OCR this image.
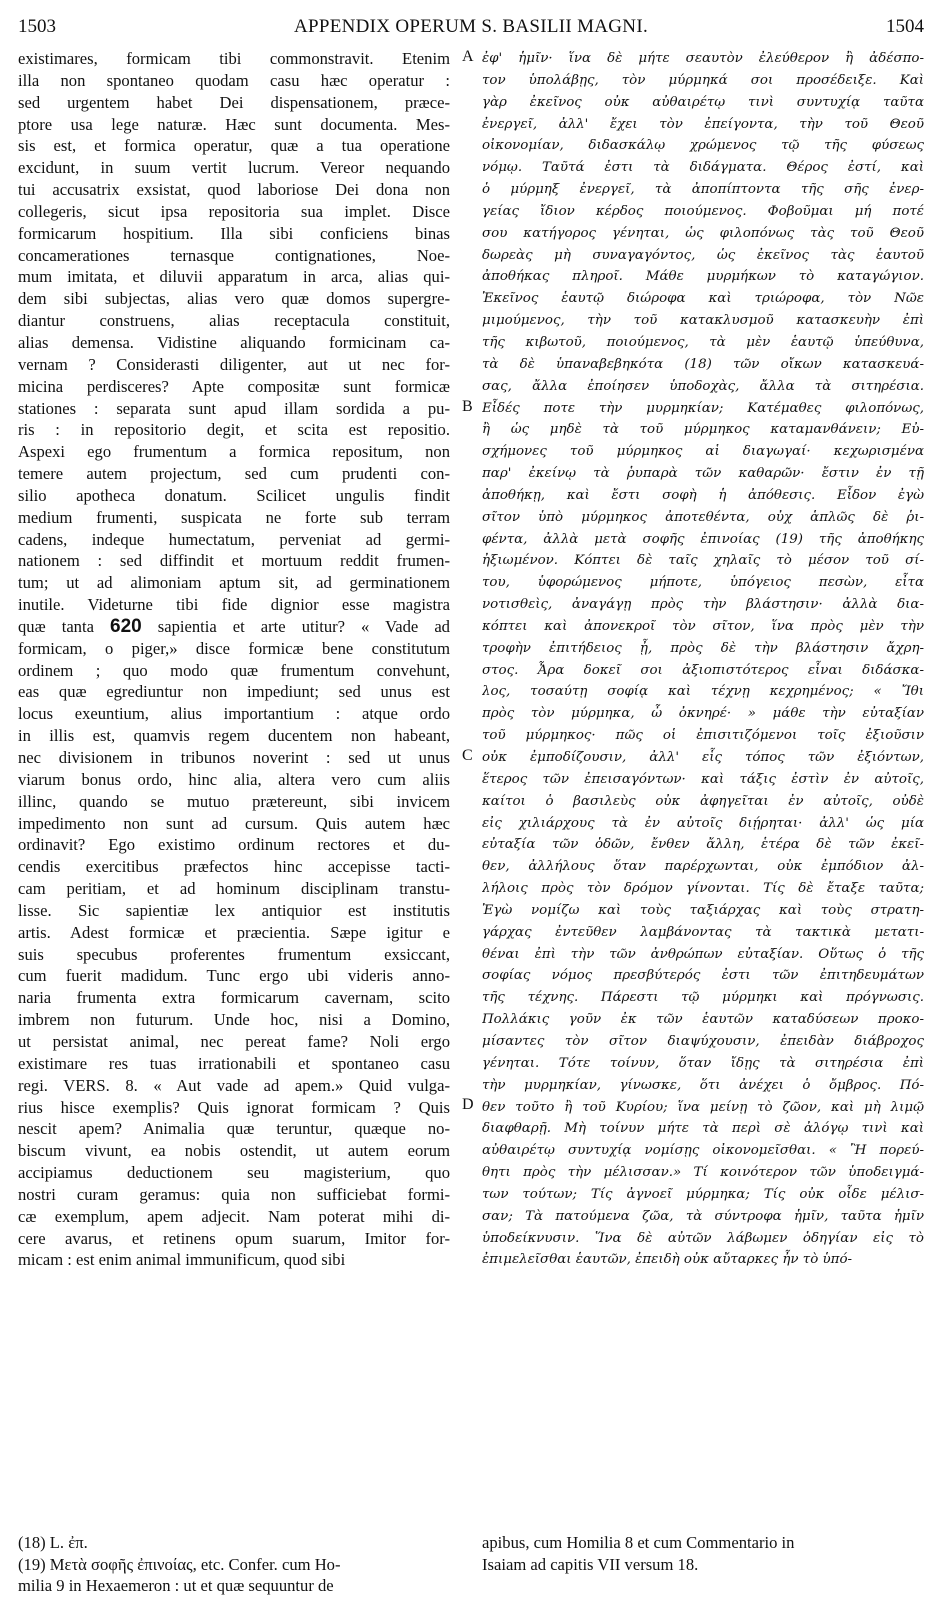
1503	APPENDIX OPERUM S. BASILII MAGNI.	1504
A
B
C
D
existimares, formicam tibi commonstravit. Etenim
illa non spontaneo quodam casu hæc operatur :
sed urgentem habet Dei dispensationem, præce-
ptore usa lege naturæ. Hæc sunt documenta. Mes-
sis est, et formica operatur, quæ a tua operatione
excidunt, in suum vertit lucrum. Vereor nequando
tui accusatrix exsistat, quod laboriose Dei dona non
collegeris, sicut ipsa repositoria sua implet. Disce
formicarum hospitium. Illa sibi conficiens binas
concamerationes ternasque contignationes, Noe-
mum imitata, et diluvii apparatum in arca, alias qui-
dem sibi subjectas, alias vero quæ domos supergre-
diantur construens, alias receptacula constituit,
alias demensa. Vidistine aliquando formicinam ca-
vernam ? Considerasti diligenter, aut ut nec for-
micina perdisceres? Apte compositæ sunt formicæ
stationes : separata sunt apud illam sordida a pu-
ris : in repositorio degit, et scita est repositio.
Aspexi ego frumentum a formica repositum, non
temere autem projectum, sed cum prudenti con-
silio apotheca donatum. Scilicet ungulis findit
medium frumenti, suspicata ne forte sub terram
cadens, indeque humectatum, perveniat ad germi-
nationem : sed diffindit et mortuum reddit frumen-
tum; ut ad alimoniam aptum sit, ad germinationem
inutile. Videturne tibi fide dignior esse magistra
quæ tanta 620 sapientia et arte utitur? « Vade ad
formicam, o piger,» disce formicæ bene constitutum
ordinem ; quo modo quæ frumentum convehunt,
eas quæ egrediuntur non impediunt; sed unus est
locus exeuntium, alius importantium : atque ordo
in illis est, quamvis regem ducentem non habeant,
nec divisionem in tribunos noverint : sed ut unus
viarum bonus ordo, hinc alia, altera vero cum aliis
illinc, quando se mutuo prætereunt, sibi invicem
impedimento non sunt ad cursum. Quis autem hæc
ordinavit? Ego existimo ordinum rectores et du-
cendis exercitibus præfectos hinc accepisse tacti-
cam peritiam, et ad hominum disciplinam transtu-
lisse. Sic sapientiæ lex antiquior est institutis
artis. Adest formicæ et præcientia. Sæpe igitur e
suis specubus proferentes frumentum exsiccant,
cum fuerit madidum. Tunc ergo ubi videris anno-
naria frumenta extra formicarum cavernam, scito
imbrem non futurum. Unde hoc, nisi a Domino,
ut persistat animal, nec pereat fame? Noli ergo
existimare res tuas irrationabili et spontaneo casu
regi. VERS. 8. « Aut vade ad apem.» Quid vulga-
rius hisce exemplis? Quis ignorat formicam ? Quis
nescit apem? Animalia quæ teruntur, quæque no-
biscum vivunt, ea nobis ostendit, ut autem eorum
accipiamus deductionem seu magisterium, quo
nostri curam geramus: quia non sufficiebat formi-
cæ exemplum, apem adjecit. Nam poterat mihi di-
cere avarus, et retinens opum suarum, Imitor for-
micam : est enim animal immunificum, quod sibi
ἐφ' ἡμῖν· ἵνα δὲ μήτε σεαυτὸν ἐλεύθερον ἢ ἀδέσπο-
τον ὑπολάβῃς, τὸν μύρμηκά σοι προσέδειξε. Καὶ
γὰρ ἐκεῖνος οὐκ αὐθαιρέτῳ τινὶ συντυχίᾳ ταῦτα
ἐνεργεῖ, ἀλλ' ἔχει τὸν ἐπείγοντα, τὴν τοῦ Θεοῦ
οἰκονομίαν, διδασκάλῳ χρώμενος τῷ τῆς φύσεως
νόμῳ. Ταῦτά ἐστι τὰ διδάγματα. Θέρος ἐστί, καὶ
ὁ μύρμηξ ἐνεργεῖ, τὰ ἀποπίπτοντα τῆς σῆς ἐνερ-
γείας ἴδιον κέρδος ποιούμενος. Φοβοῦμαι μή ποτέ
σου κατήγορος γένηται, ὡς φιλοπόνως τὰς τοῦ Θεοῦ
δωρεὰς μὴ συναγαγόντος, ὡς ἐκεῖνος τὰς ἑαυτοῦ
ἀποθήκας πληροῖ. Μάθε μυρμήκων τὸ καταγώγιον.
Ἐκεῖνος ἑαυτῷ διώροφα καὶ τριώροφα, τὸν Νῶε
μιμούμενος, τὴν τοῦ κατακλυσμοῦ κατασκευὴν ἐπὶ
τῆς κιβωτοῦ, ποιούμενος, τὰ μὲν ἑαυτῷ ὑπεύθυνα,
τὰ δὲ ὑπαναβεβηκότα (18) τῶν οἴκων κατασκευά-
σας, ἄλλα ἐποίησεν ὑποδοχὰς, ἄλλα τὰ σιτηρέσια.
Εἶδές ποτε τὴν μυρμηκίαν; Κατέμαθες φιλοπόνως,
ἢ ὡς μηδὲ τὰ τοῦ μύρμηκος καταμανθάνειν; Εὐ-
σχήμονες τοῦ μύρμηκος αἱ διαγωγαί· κεχωρισμένα
παρ' ἐκείνῳ τὰ ῥυπαρὰ τῶν καθαρῶν· ἔστιν ἐν τῇ
ἀποθήκῃ, καὶ ἔστι σοφὴ ἡ ἀπόθεσις. Εἶδον ἐγὼ
σῖτον ὑπὸ μύρμηκος ἀποτεθέντα, οὐχ ἁπλῶς δὲ ῥι-
φέντα, ἀλλὰ μετὰ σοφῆς ἐπινοίας (19) τῆς ἀποθήκης
ἠξιωμένον. Κόπτει δὲ ταῖς χηλαῖς τὸ μέσον τοῦ σί-
του, ὑφορώμενος μήποτε, ὑπόγειος πεσὼν, εἶτα
νοτισθεὶς, ἀναγάγῃ πρὸς τὴν βλάστησιν· ἀλλὰ δια-
κόπτει καὶ ἀπονεκροῖ τὸν σῖτον, ἵνα πρὸς μὲν τὴν
τροφὴν ἐπιτήδειος ᾖ, πρὸς δὲ τὴν βλάστησιν ἄχρη-
στος. Ἆρα δοκεῖ σοι ἀξιοπιστότερος εἶναι διδάσκα-
λος, τοσαύτῃ σοφίᾳ καὶ τέχνῃ κεχρημένος; « Ἴθι
πρὸς τὸν μύρμηκα, ὦ ὀκνηρέ· » μάθε τὴν εὐταξίαν
τοῦ μύρμηκος· πῶς οἱ ἐπισιτιζόμενοι τοῖς ἐξιοῦσιν
οὐκ ἐμποδίζουσιν, ἀλλ' εἷς τόπος τῶν ἐξιόντων,
ἕτερος τῶν ἐπεισαγόντων· καὶ τάξις ἐστὶν ἐν αὐτοῖς,
καίτοι ὁ βασιλεὺς οὐκ ἀφηγεῖται ἐν αὐτοῖς, οὐδὲ
εἰς χιλιάρχους τὰ ἐν αὐτοῖς διῄρηται· ἀλλ' ὡς μία
εὐταξία τῶν ὁδῶν, ἔνθεν ἄλλη, ἑτέρα δὲ τῶν ἐκεῖ-
θεν, ἀλλήλους ὅταν παρέρχωνται, οὐκ ἐμπόδιον ἀλ-
λήλοις πρὸς τὸν δρόμον γίνονται. Τίς δὲ ἔταξε ταῦτα;
Ἐγὼ νομίζω καὶ τοὺς ταξιάρχας καὶ τοὺς στρατη-
γάρχας ἐντεῦθεν λαμβάνοντας τὰ τακτικὰ μετατι-
θέναι ἐπὶ τὴν τῶν ἀνθρώπων εὐταξίαν. Οὕτως ὁ τῆς
σοφίας νόμος πρεσβύτερός ἐστι τῶν ἐπιτηδευμάτων
τῆς τέχνης. Πάρεστι τῷ μύρμηκι καὶ πρόγνωσις.
Πολλάκις γοῦν ἐκ τῶν ἑαυτῶν καταδύσεων προκο-
μίσαντες τὸν σῖτον διαψύχουσιν, ἐπειδὰν διάβροχος
γένηται. Τότε τοίνυν, ὅταν ἴδῃς τὰ σιτηρέσια ἐπὶ
τὴν μυρμηκίαν, γίνωσκε, ὅτι ἀνέχει ὁ ὄμβρος. Πό-
θεν τοῦτο ἢ τοῦ Κυρίου; ἵνα μείνῃ τὸ ζῶον, καὶ μὴ λιμῷ
διαφθαρῇ. Μὴ τοίνυν μήτε τὰ περὶ σὲ ἀλόγῳ τινὶ καὶ
αὐθαιρέτῳ συντυχίᾳ νομίσῃς οἰκονομεῖσθαι. « Ἢ πορεύ-
θητι πρὸς τὴν μέλισσαν.» Τί κοινότερον τῶν ὑποδειγμά-
των τούτων; Τίς ἀγνοεῖ μύρμηκα; Τίς οὐκ οἶδε μέλισ-
σαν; Τὰ πατούμενα ζῶα, τὰ σύντροφα ἡμῖν, ταῦτα ἡμῖν
ὑποδείκνυσιν. Ἵνα δὲ αὐτῶν λάβωμεν ὁδηγίαν εἰς τὸ
ἐπιμελεῖσθαι ἑαυτῶν, ἐπειδὴ οὐκ αὔταρκες ἦν τὸ ὑπό-
(18) L. ἐπ.
(19) Μετὰ σοφῆς ἐπινοίας, etc. Confer. cum Ho-
milia 9 in Hexaemeron : ut et quæ sequuntur de
apibus, cum Homilia 8 et cum Commentario in
Isaiam ad capitis VII versum 18.
